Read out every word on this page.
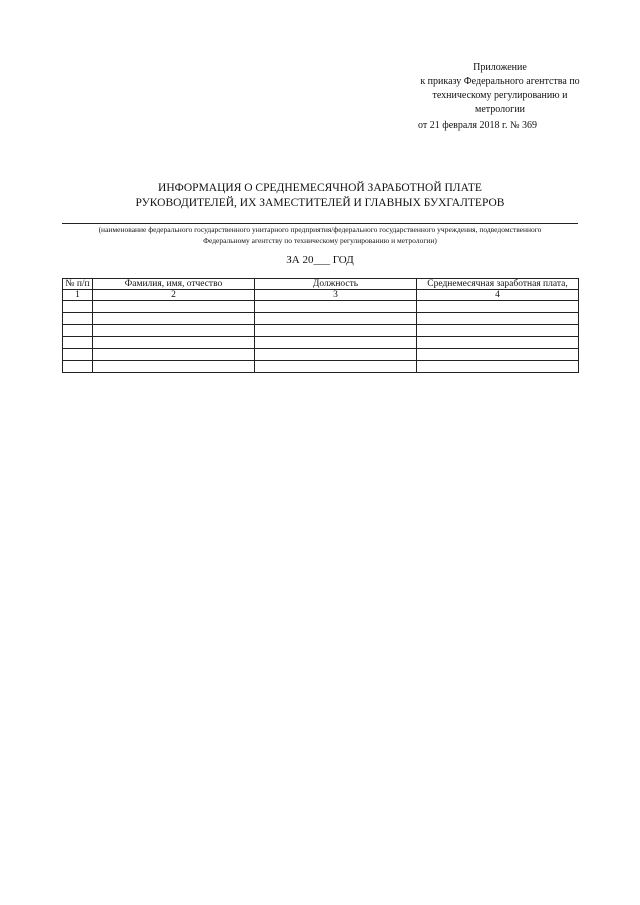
Приложение
к приказу Федерального агентства по
техническому регулированию и
метрологии
от 21 февраля 2018 г. № 369
ИНФОРМАЦИЯ О СРЕДНЕМЕСЯЧНОЙ ЗАРАБОТНОЙ ПЛАТЕ
РУКОВОДИТЕЛЕЙ, ИХ ЗАМЕСТИТЕЛЕЙ И ГЛАВНЫХ БУХГАЛТЕРОВ
(наименование федерального государственного унитарного предприятия/федерального государственного учреждения, подведомственного
Федеральному агентству по техническому регулированию и метрологии)
ЗА 20___ ГОД
№ п/п	Фамилия, имя, отчество	Должность	Среднемесячная заработная плата,
1	2	3	4
